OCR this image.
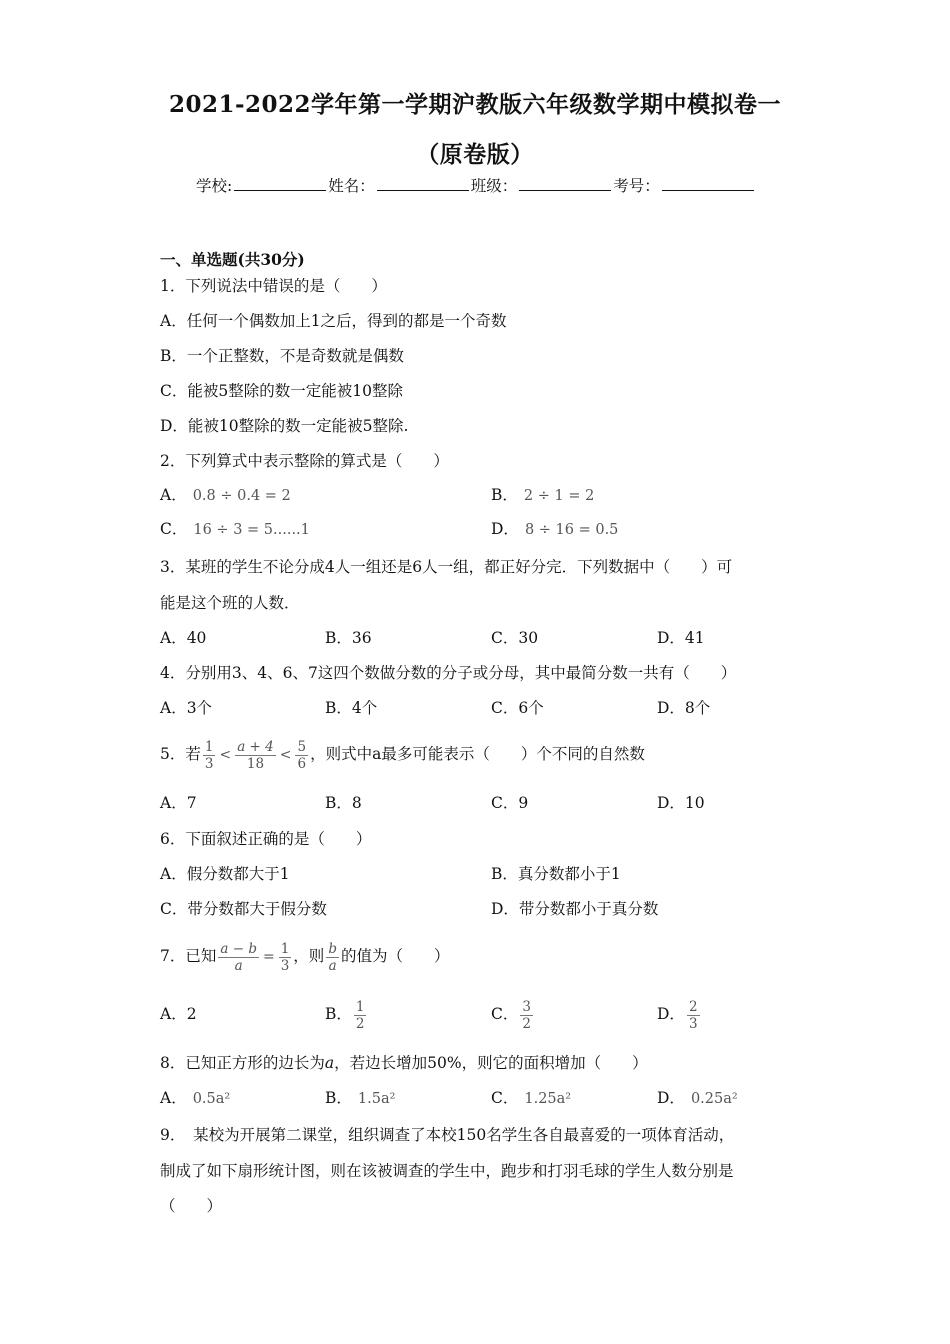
2021-2022学年第一学期沪教版六年级数学期中模拟卷一
（原卷版）
学校:	姓名：	班级：	考号：
一、单选题(共30分)
1．下列说法中错误的是（　　）
A．任何一个偶数加上1之后，得到的都是一个奇数
B．一个正整数，不是奇数就是偶数
C．能被5整除的数一定能被10整除
D．能被10整除的数一定能被5整除.
2．下列算式中表示整除的算式是（　　）
A． 0.8 ÷ 0.4 = 2	B． 2 ÷ 1 = 2
C． 16 ÷ 3 = 5......1	D． 8 ÷ 16 = 0.5
3．某班的学生不论分成4人一组还是6人一组，都正好分完．下列数据中（　　）可
能是这个班的人数．
A．40	B．36	C．30	D．41
4．分别用3、4、6、7这四个数做分数的分子或分母，其中最简分数一共有（　　）
A．3个	B．4个	C．6个	D．8个
5．若 $\frac{1}{3} < \frac{a + 4}{18} < \frac{5}{6}$ ，则式中a最多可能表示（　　）个不同的自然数
A．7	B．8	C．9	D．10
6．下面叙述正确的是（　　）
A．假分数都大于1	B．真分数都小于1
C．带分数都大于假分数	D．带分数都小于真分数
7．已知 $\frac{a - b}{a} = \frac{1}{3}$ ，则 $\frac{b}{a}$ 的值为（　　）
A．2	B． $\frac{1}{2}$	C． $\frac{3}{2}$	D． $\frac{2}{3}$
8．已知正方形的边长为a，若边长增加50%，则它的面积增加（　　）
A． 0.5a²	B． 1.5a²	C． 1.25a²	D． 0.25a²
9．　某校为开展第二课堂，组织调查了本校150名学生各自最喜爱的一项体育活动，
制成了如下扇形统计图，则在该被调查的学生中，跑步和打羽毛球的学生人数分别是
（　　）
